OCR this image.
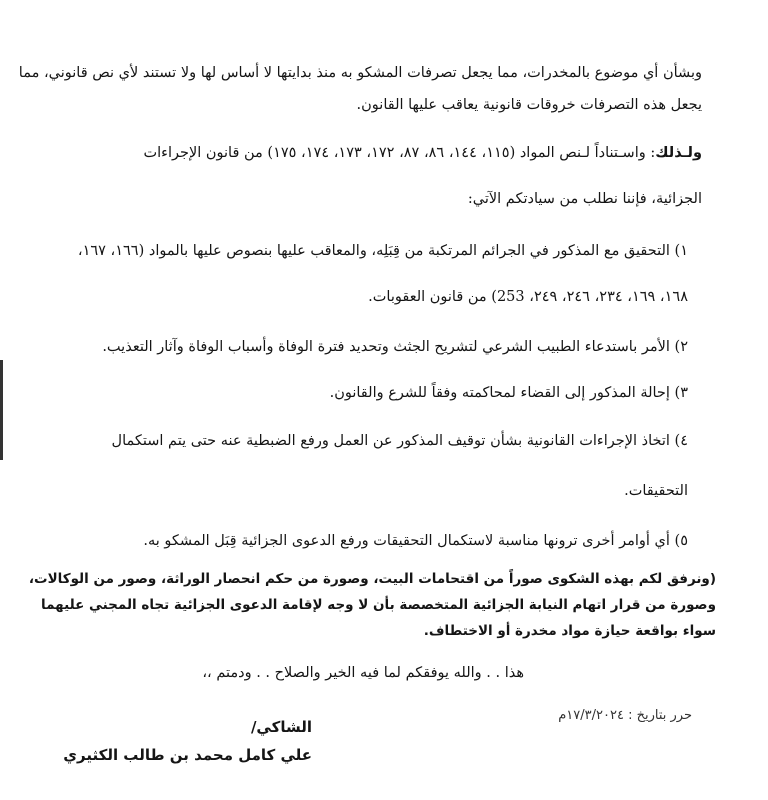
وبشأن أي موضوع بالمخدرات، مما يجعل تصرفات المشكو به منذ بدايتها لا أساس لها ولا تستند لأي نص قانوني، مما
يجعل هذه التصرفات خروقات قانونية يعاقب عليها القانون.
ولـذلك: واسـتناداً لـنص المواد (١١٥، ١٤٤، ٨٦، ٨٧، ١٧٢، ١٧٣، ١٧٤، ١٧٥) من قانون الإجراءات
الجزائية، فإننا نطلب من سيادتكم الآتي:
١) التحقيق مع المذكور في الجرائم المرتكبة من قِبَلِه، والمعاقب عليها بنصوص عليها بالمواد (١٦٦، ١٦٧،
١٦٨، ١٦٩، ٢٣٤، ٢٤٦، ٢٤٩، 253) من قانون العقوبات.
٢) الأمر باستدعاء الطبيب الشرعي لتشريح الجثث وتحديد فترة الوفاة وأسباب الوفاة وآثار التعذيب.
٣) إحالة المذكور إلى القضاء لمحاكمته وفقاً للشرع والقانون.
٤) اتخاذ الإجراءات القانونية بشأن توقيف المذكور عن العمل ورفع الضبطية عنه حتى يتم استكمال
التحقيقات.
٥) أي أوامر أخرى ترونها مناسبة لاستكمال التحقيقات ورفع الدعوى الجزائية قِبَل المشكو به.
(ونرفق لكم بهذه الشكوى صوراً من اقتحامات البيت، وصورة من حكم انحصار الوراثة، وصور من الوكالات،
وصورة من قرار اتهام النيابة الجزائية المتخصصة بأن لا وجه لإقامة الدعوى الجزائية تجاه المجني عليهما
سواء بواقعة حيازة مواد مخدرة أو الاختطاف.
هذا . . والله يوفقكم لما فيه الخير والصلاح . . ودمتم ،،
حرر بتاريخ : ١٧/٣/٢٠٢٤م
الشاكي/
علي كامل محمد بن طالب الكثيري
